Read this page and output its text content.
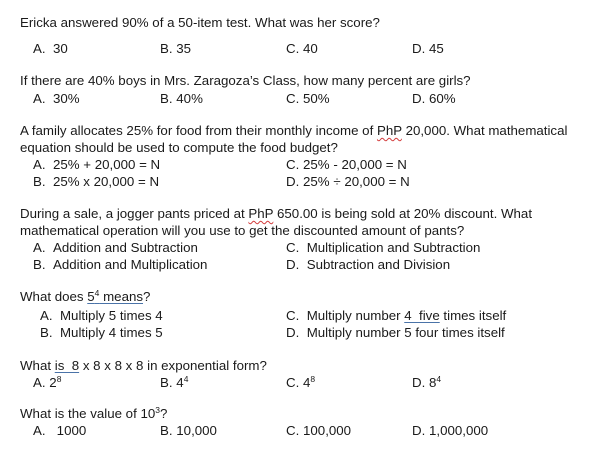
Ericka answered 90% of a 50-item test. What was her score?
A. 30	B. 35	C. 40	D. 45
If there are 40% boys in Mrs. Zaragoza’s Class, how many percent are girls?
A. 30%	B. 40%	C. 50%	D. 60%
A family allocates 25% for food from their monthly income of PhP 20,000. What mathematical
equation should be used to compute the food budget?
A. 25% + 20,000 = N
B. 25% x 20,000 = N
C. 25% - 20,000 = N
D. 25% ÷ 20,000 = N
During a sale, a jogger pants priced at PhP 650.00 is being sold at 20% discount. What
mathematical operation will you use to get the discounted amount of pants?
A. Addition and Subtraction
B. Addition and Multiplication
C. Multiplication and Subtraction
D. Subtraction and Division
What does $5^4$ means?
A. Multiply 5 times 4
B. Multiply 4 times 5
C. Multiply number 4  five times itself
D. Multiply number 5 four times itself
What is  8 x 8 x 8 x 8 in exponential form?
A. $2^8$	B. $4^4$	C. $4^8$	D. $8^4$
What is the value of $10^3$?
A. 1000	B. 10,000	C. 100,000	D. 1,000,000
